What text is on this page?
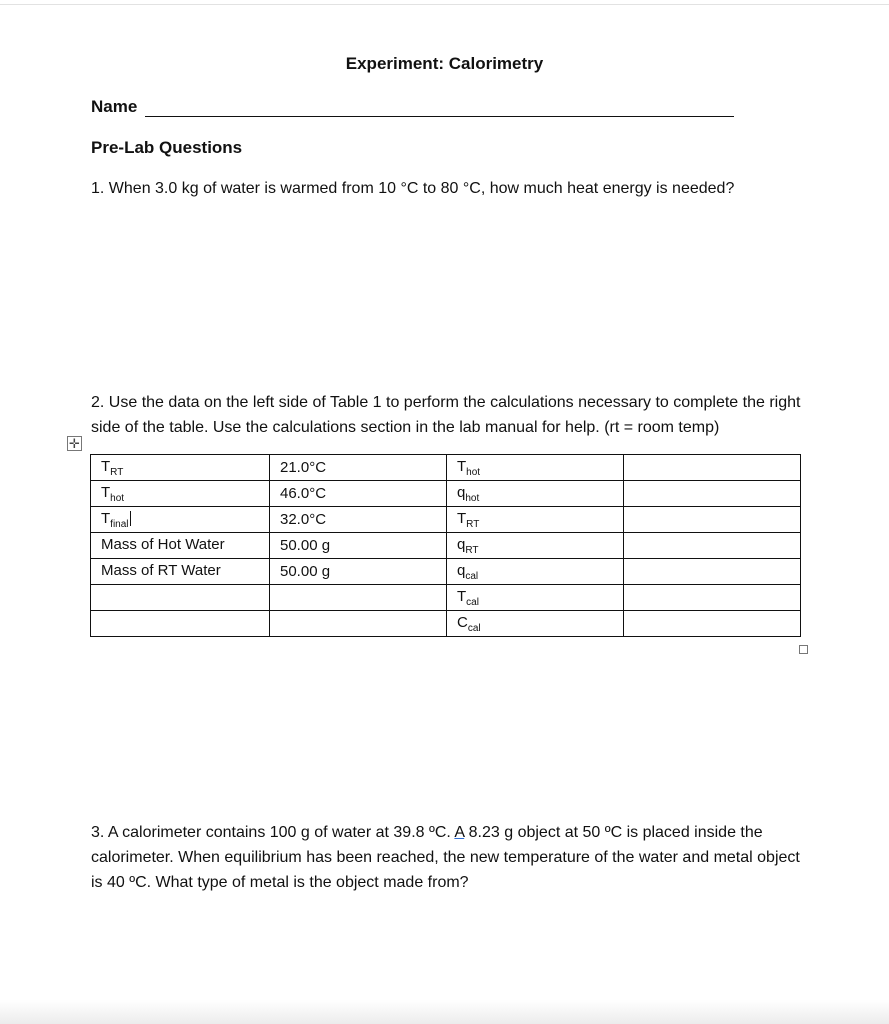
Experiment: Calorimetry
Name
Pre-Lab Questions
1. When 3.0 kg of water is warmed from 10 °C to 80 °C, how much heat energy is needed?
2. Use the data on the left side of Table 1 to perform the calculations necessary to complete the right side of the table. Use the calculations section in the lab manual for help. (rt = room temp)
✛
$T_{RT}$	21.0°C	$T_{hot}$	
$T_{hot}$	46.0°C	$q_{hot}$	
$T_{final}$	32.0°C	$T_{RT}$	
Mass of Hot Water	50.00 g	$q_{RT}$	
Mass of RT Water	50.00 g	$q_{cal}$	
		$T_{cal}$	
		$C_{cal}$	
3. A calorimeter contains 100 g of water at 39.8 ºC. A 8.23 g object at 50 ºC is placed inside the calorimeter. When equilibrium has been reached, the new temperature of the water and metal object is 40 ºC. What type of metal is the object made from?
